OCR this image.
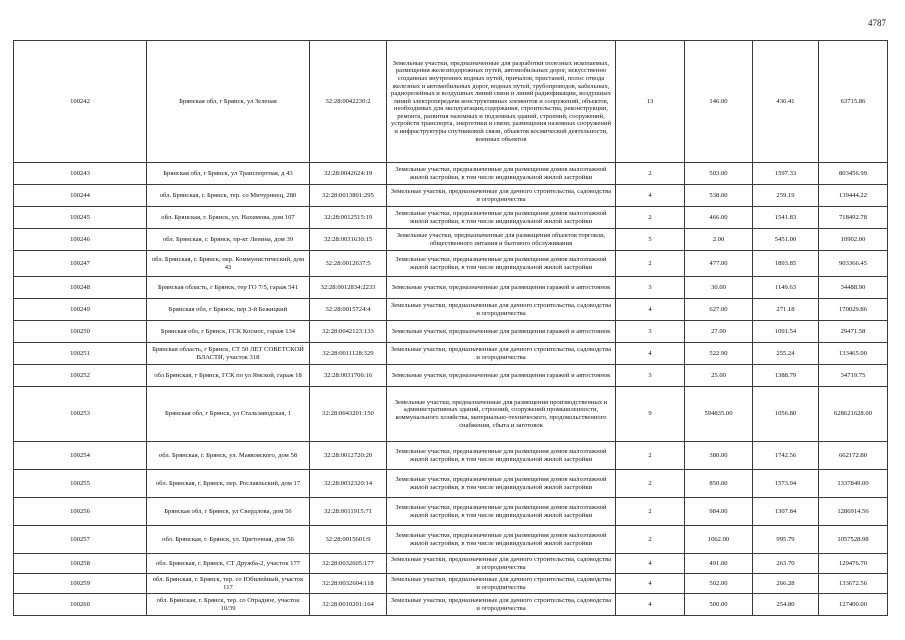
4787
100242	Брянская обл, г Брянск, ул Зеленая	32:28:0042230:2	Земельные участки, предназначенные для разработки полезных ископаемых, размещения железнодорожных путей, автомобильных дорог, искусственно созданных внутренних водных путей, причалов, пристаней, полос отвода железных и автомобильных дорог, водных путей, трубопроводов, кабельных, радиорелейных и воздушных линий связи и линий радиофикации, воздушных линий электропередачи конструктивных элементов и сооружений, объектов, необходимых для эксплуатации,содержания, строительства, реконструкции, ремонта, развития наземных и подземных зданий, строений, сооружений, устройств транспорта, энергетики и связи; размещения наземных сооружений и инфраструктуры спутниковой связи, объектов космической деятельности, военных объектов	13	146.00	436.41	63715.86
100243	Брянская обл, г Брянск, ул Транспортная, д 43	32:28:0042624:19	Земельные участки, предназначенные для размещения домов малоэтажной жилой застройки, в том числе индивидуальной жилой застройки	2	503.00	1597.33	803456.99
100244	обл. Брянская, г. Брянск, тер. со Мичуринец, 280	32:28:0013801:295	Земельные участки, предназначенные для дачного строительства, садоводства и огородничества	4	538.00	259.19	139444.22
100245	обл. Брянская, г. Брянск, ул. Нахимова, дом 107	32:28:0012515:19	Земельные участки, предназначенные для размещения домов малоэтажной жилой застройки, в том числе индивидуальной жилой застройки	2	466.00	1541.83	718492.78
100246	обл. Брянская, г. Брянск, пр-кт Ленина, дом 39	32:28:0031630:15	Земельные участки, предназначенные для размещения объектов торговли, общественного питания и бытового обслуживания	5	2.00	5451.00	10902.00
100247	обл. Брянская, г. Брянск, пер. Коммунистический, дом 43	32:28:0012637:5	Земельные участки, предназначенные для размещения домов малоэтажной жилой застройки, в том числе индивидуальной жилой застройки	2	477.00	1893.85	903366.45
100248	Брянская область, г Брянск, тер ГО 7/5, гараж 541	32:28:0012834:2233	Земельные участки, предназначенные для размещения гаражей и автостоянок	3	30.00	1149.63	34488.90
100249	Брянская обл, г Брянск, пер 3-й Бежицкий	32:28:0015724:4	Земельные участки, предназначенные для дачного строительства, садоводства и огородничества	4	627.00	271.18	170029.86
100250	Брянская обл, г Брянск, ГСК Космос, гараж 134	32:28:0042123:133	Земельные участки, предназначенные для размещения гаражей и автостоянок	3	27.00	1091.54	29471.58
100251	Брянская область, г Брянск, СТ 50 ЛЕТ СОВЕТСКОЙ ВЛАСТИ, участок 318	32:28:0011128:329	Земельные участки, предназначенные для дачного строительства, садоводства и огородничества	4	522.90	255.24	133465.00
100252	обл Брянская, г Брянск, ГСК по ул Ямской, гараж 18	32:28:0031706:16	Земельные участки, предназначенные для размещения гаражей и автостоянок	3	25.00	1388.79	34719.75
100253	Брянская обл, г Брянск, ул Стальзаводская, 1	32:28:0043201:150	Земельные участки, предназначенные для размещения производственных и административных зданий, строений, сооружений промышленности, коммунального хозяйства, материально-технического, продовольственного снабжения, сбыта и заготовок	9	594835.00	1056.80	628621628.00
100254	обл. Брянская, г. Брянск, ул. Маяковского, дом 58	32:28:0012720:20	Земельные участки, предназначенные для размещения домов малоэтажной жилой застройки, в том числе индивидуальной жилой застройки	2	380.00	1742.56	662172.80
100255	обл. Брянская, г. Брянск, пер. Рославльский, дом 17	32:28:0032320:14	Земельные участки, предназначенные для размещения домов малоэтажной жилой застройки, в том числе индивидуальной жилой застройки	2	850.00	1573.94	1337849.00
100256	Брянская обл, г Брянск, ул Свердлова, дом 56	32:28:0011915:71	Земельные участки, предназначенные для размещения домов малоэтажной жилой застройки, в том числе индивидуальной жилой застройки	2	984.00	1307.84	1286914.56
100257	обл. Брянская, г. Брянск, ул. Цветочная, дом 56	32:28:0015601:9	Земельные участки, предназначенные для размещения домов малоэтажной жилой застройки, в том числе индивидуальной жилой застройки	2	1062.00	995.79	1057528.98
100258	обл. Брянская, г. Брянск, СТ Дружба-2, участок 177	32:28:0032605:177	Земельные участки, предназначенные для дачного строительства, садоводства и огородничества	4	491.00	263.70	129476.70
100259	обл. Брянская, г. Брянск, тер. со Юбилейный, участок 117	32:28:0032604:118	Земельные участки, предназначенные для дачного строительства, садоводства и огородничества	4	502.00	266.28	133672.56
100260	обл. Брянская, г. Брянск, тер. со Отрадное, участок 10/39	32:28:0010201:164	Земельные участки, предназначенные для дачного строительства, садоводства и огородничества	4	500.00	254.80	127400.00
